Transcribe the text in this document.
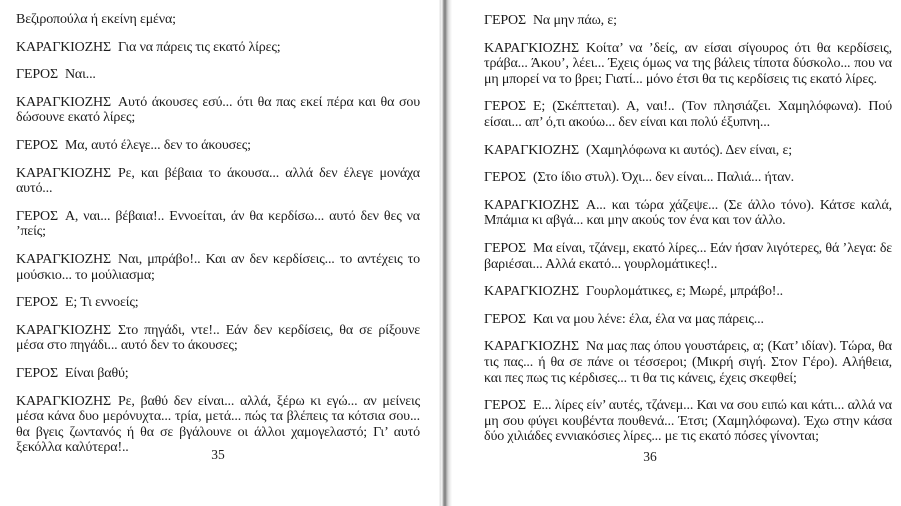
Βεζιροπούλα ή εκείνη εμένα;

ΚΑΡΑΓΚΙΟΖΗΣ Για να πάρεις τις εκατό λίρες;

ΓΕΡΟΣ Ναι...

ΚΑΡΑΓΚΙΟΖΗΣ Αυτό άκουσες εσύ... ότι θα πας εκεί πέρα και θα σου δώσουνε εκατό λίρες;

ΓΕΡΟΣ Μα, αυτό έλεγε... δεν το άκουσες;

ΚΑΡΑΓΚΙΟΖΗΣ Ρε, και βέβαια το άκουσα... αλλά δεν έλεγε μονάχα αυτό...

ΓΕΡΟΣ Α, ναι... βέβαια!.. Εννοείται, άν θα κερδίσω... αυτό δεν θες να ’πείς;

ΚΑΡΑΓΚΙΟΖΗΣ Ναι, μπράβο!.. Και αν δεν κερδίσεις... το αντέχεις το μούσκιο... το μούλιασμα;

ΓΕΡΟΣ Ε; Τι εννοείς;

ΚΑΡΑΓΚΙΟΖΗΣ Στο πηγάδι, ντε!.. Εάν δεν κερδίσεις, θα σε ρίξουνε μέσα στο πηγάδι... αυτό δεν το άκουσες;

ΓΕΡΟΣ Είναι βαθύ;

ΚΑΡΑΓΚΙΟΖΗΣ Ρε, βαθύ δεν είναι... αλλά, ξέρω κι εγώ... αν μείνεις μέσα κάνα δυο μερόνυχτα... τρία, μετά... πώς τα βλέπεις τα κότσια σου... θα βγεις ζωντανός ή θα σε βγάλουνε οι άλλοι χαμογελαστό; Γι’ αυτό ξεκόλλα καλύτερα!..

ΓΕΡΟΣ Να μην πάω, ε;

ΚΑΡΑΓΚΙΟΖΗΣ Κοίτα’ να ’δείς, αν είσαι σίγουρος ότι θα κερδίσεις, τράβα... Άκου’, λέει... Έχεις όμως να της βάλεις τίποτα δύσκολο... που να μη μπορεί να το βρει; Γιατί... μόνο έτσι θα τις κερδίσεις τις εκατό λίρες.

ΓΕΡΟΣ Ε; (Σκέπτεται). Α, ναι!.. (Τον πλησιάζει. Χαμηλόφωνα). Πού είσαι... απ’ ό,τι ακούω... δεν είναι και πολύ έξυπνη...

ΚΑΡΑΓΚΙΟΖΗΣ (Χαμηλόφωνα κι αυτός). Δεν είναι, ε;

ΓΕΡΟΣ (Στο ίδιο στυλ). Όχι... δεν είναι... Παλιά... ήταν.

ΚΑΡΑΓΚΙΟΖΗΣ Α... και τώρα χάζεψε... (Σε άλλο τόνο). Κάτσε καλά, Μπάμια κι αβγά... και μην ακούς τον ένα και τον άλλο.

ΓΕΡΟΣ Μα είναι, τζάνεμ, εκατό λίρες... Εάν ήσαν λιγότερες, θά ’λεγα: δε βαριέσαι... Αλλά εκατό... γουρλομάτικες!..

ΚΑΡΑΓΚΙΟΖΗΣ Γουρλομάτικες, ε; Μωρέ, μπράβο!..

ΓΕΡΟΣ Και να μου λένε: έλα, έλα να μας πάρεις...

ΚΑΡΑΓΚΙΟΖΗΣ Να μας πας όπου γουστάρεις, α; (Κατ’ ιδίαν). Τώρα, θα τις πας... ή θα σε πάνε οι τέσσεροι; (Μικρή σιγή. Στον Γέρο). Αλήθεια, και πες πως τις κέρδισες... τι θα τις κάνεις, έχεις σκεφθεί;

ΓΕΡΟΣ Ε... λίρες είν’ αυτές, τζάνεμ... Και να σου ειπώ και κάτι... αλλά να μη σου φύγει κουβέντα πουθενά... Έτσι; (Χαμηλόφωνα). Έχω στην κάσα δύο χιλιάδες εννιακόσιες λίρες... με τις εκατό πόσες γίνονται;

35	36
